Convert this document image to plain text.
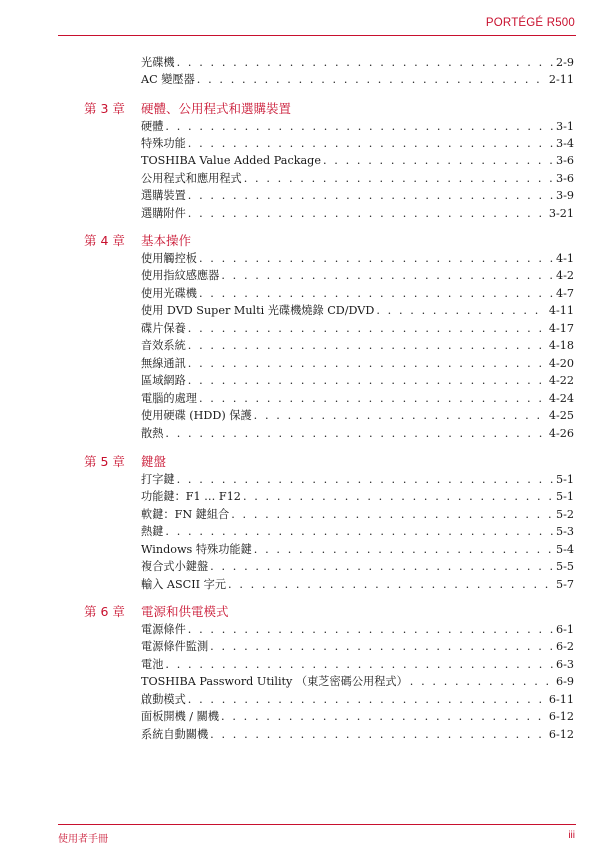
PORTÉGÉ R500
光碟機 . . .	2-9
AC 變壓器 . . .	2-11
第 3 章	硬體、公用程式和選購裝置
硬體 . . .	3-1
特殊功能 . . .	3-4
TOSHIBA Value Added Package . . .	3-6
公用程式和應用程式 . . .	3-6
選購裝置 . . .	3-9
選購附件 . . .	3-21
第 4 章	基本操作
使用觸控板 . . .	4-1
使用指紋感應器 . . .	4-2
使用光碟機 . . .	4-7
使用 DVD Super Multi 光碟機燒錄 CD/DVD . . .	4-11
碟片保養 . . .	4-17
音效系統 . . .	4-18
無線通訊 . . .	4-20
區域網路 . . .	4-22
電腦的處理 . . .	4-24
使用硬碟 (HDD) 保護 . . .	4-25
散熱 . . .	4-26
第 5 章	鍵盤
打字鍵 . . .	5-1
功能鍵：F1 … F12 . . .	5-1
軟鍵：FN 鍵組合 . . .	5-2
熱鍵 . . .	5-3
Windows 特殊功能鍵 . . .	5-4
複合式小鍵盤 . . .	5-5
輸入 ASCII 字元 . . .	5-7
第 6 章	電源和供電模式
電源條件 . . .	6-1
電源條件監測 . . .	6-2
電池 . . .	6-3
TOSHIBA Password Utility （東芝密碼公用程式） . . .	6-9
啟動模式 . . .	6-11
面板開機 / 關機 . . .	6-12
系統自動關機 . . .	6-12
使用者手冊	iii
